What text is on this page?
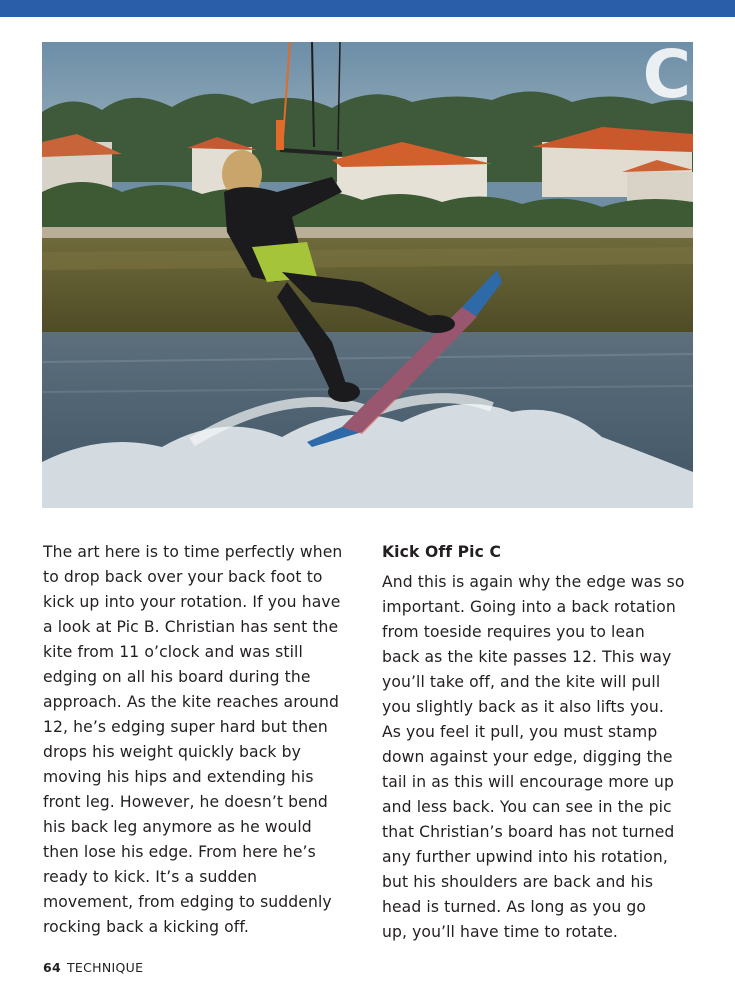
C

The art here is to time perfectly when
to drop back over your back foot to
kick up into your rotation. If you have
a look at Pic B. Christian has sent the
kite from 11 o’clock and was still
edging on all his board during the
approach. As the kite reaches around
12, he’s edging super hard but then
drops his weight quickly back by
moving his hips and extending his
front leg. However, he doesn’t bend
his back leg anymore as he would
then lose his edge. From here he’s
ready to kick. It’s a sudden
movement, from edging to suddenly
rocking back a kicking off.

Kick Off Pic C

And this is again why the edge was so
important. Going into a back rotation
from toeside requires you to lean
back as the kite passes 12. This way
you’ll take off, and the kite will pull
you slightly back as it also lifts you.
As you feel it pull, you must stamp
down against your edge, digging the
tail in as this will encourage more up
and less back. You can see in the pic
that Christian’s board has not turned
any further upwind into his rotation,
but his shoulders are back and his
head is turned. As long as you go
up, you’ll have time to rotate.

64 TECHNIQUE
